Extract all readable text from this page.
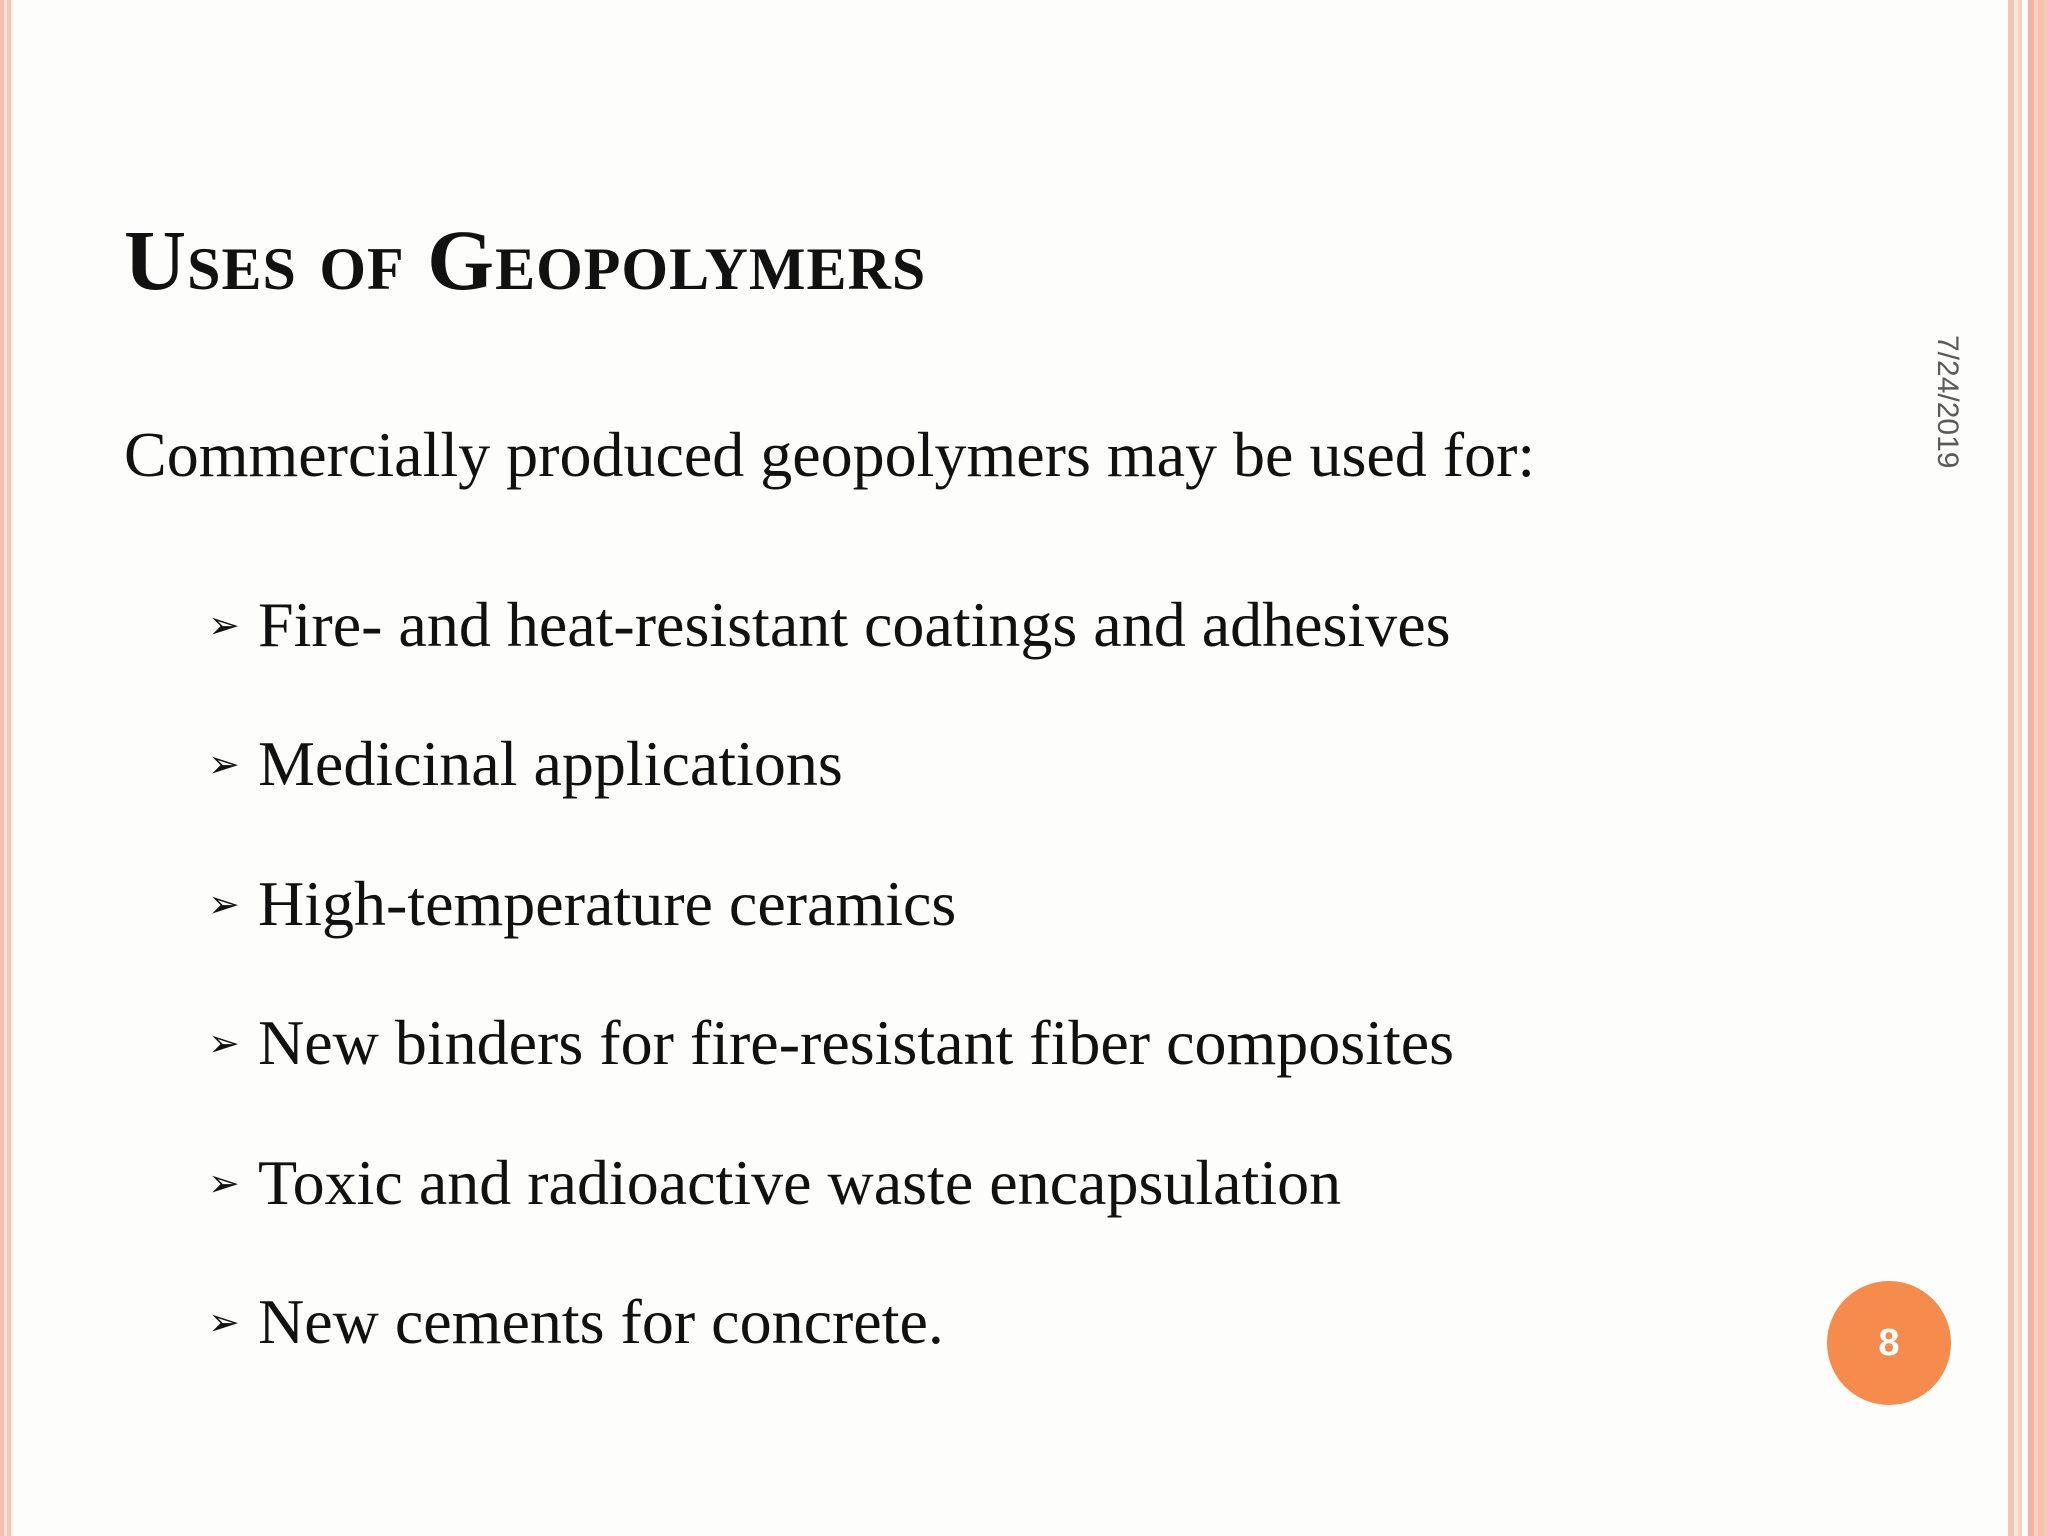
Uses of Geopolymers
7/24/2019

Commercially produced geopolymers may be used for:

➢ Fire- and heat-resistant coatings and adhesives
➢ Medicinal applications
➢ High-temperature ceramics
➢ New binders for fire-resistant fiber composites
➢ Toxic and radioactive waste encapsulation
➢ New cements for concrete.	8
